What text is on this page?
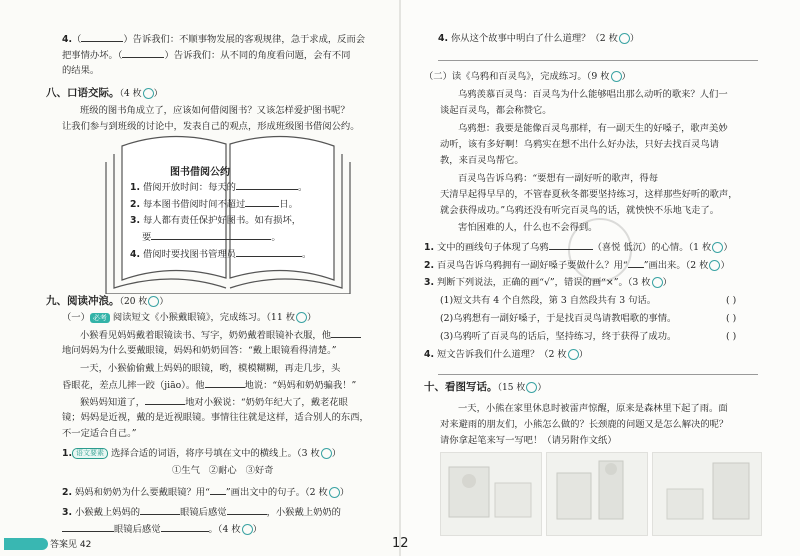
4.（	）告诉我们：不顺事物发展的客观规律，急于求成，反而会
把事情办坏。（	）告诉我们：从不同的角度看问题，会有不同
的结果。
八、口语交际。（4 枚 ）
班级的图书角成立了，应该如何借阅图书？又该怎样爱护图书呢？
让我们参与到班级的讨论中，发表自己的观点，形成班级图书借阅公约。
图书借阅公约
1. 借阅开放时间：每天的	。
2. 每本图书借阅时间不超过	日。
3. 每人都有责任保护好图书。如有损坏，
要	。
4. 借阅时要找图书管理员	。
九、阅读冲浪。（20 枚 ）
（一） 必考 阅读短文《小猴戴眼镜》，完成练习。（11 枚 ）
小猴看见妈妈戴着眼镜读书、写字，奶奶戴着眼镜补衣服，他
地问妈妈为什么要戴眼镜，妈妈和奶奶回答：“戴上眼镜看得清楚。”
一天，小猴偷偷戴上妈妈的眼镜，哟，模模糊糊，再走几步，头
昏眼花，差点儿摔一跤（jiāo）。他	地说：“妈妈和奶奶骗我！”
猴妈妈知道了，	地对小猴说：“奶奶年纪大了，戴老花眼
镜；妈妈是近视，戴的是近视眼镜。事情往往就是这样，适合别人的东西，
不一定适合自己。”
1. 语文要素 选择合适的词语，将序号填在文中的横线上。（3 枚 ）
①生气 ②耐心 ③好奇
2. 妈妈和奶奶为什么要戴眼镜？用“ ”画出文中的句子。（2 枚 ）
3. 小猴戴上妈妈的	眼镜后感觉	，小猴戴上奶奶的
眼镜后感觉	。（4 枚 ）
答案见 42	12
4. 你从这个故事中明白了什么道理？（2 枚 ）
（二）读《乌鸦和百灵鸟》，完成练习。（9 枚 ）
乌鸦羡慕百灵鸟：百灵鸟为什么能够唱出那么动听的歌来？人们一
谈起百灵鸟，都会称赞它。
乌鸦想：我要是能像百灵鸟那样，有一副天生的好嗓子，歌声美妙
动听，该有多好啊！乌鸦实在想不出什么好办法，只好去找百灵鸟请
教，来百灵鸟帮它。
百灵鸟告诉乌鸦：“要想有一副好听的歌声，得每
天清早起得早早的，不管春夏秋冬都要坚持练习，这样那些好听的歌声，
就会获得成功。”乌鸦还没有听完百灵鸟的话，就怏怏不乐地飞走了。
害怕困难的人，什么也不会得到。
1. 文中的画线句子体现了乌鸦	（喜悦 低沉）的心情。（1 枚 ）
2. 百灵鸟告诉乌鸦拥有一副好嗓子要做什么？用“ ”画出来。（2 枚 ）
3. 判断下列说法，正确的画“√”，错误的画“×”。（3 枚 ）
(1)短文共有 4 个自然段，第 3 自然段共有 3 句话。	( )
(2)乌鸦想有一副好嗓子，于是找百灵鸟请教唱歌的事情。	( )
(3)乌鸦听了百灵鸟的话后，坚持练习，终于获得了成功。	( )
4. 短文告诉我们什么道理？（2 枚 ）
十、看图写话。（15 枚 ）
一天，小熊在家里休息时被雷声惊醒，原来是森林里下起了雨。面
对来避雨的朋友们，小熊怎么做的？长颈鹿的问题又是怎么解决的呢？
请你拿起笔来写一写吧！（请另附作文纸）
